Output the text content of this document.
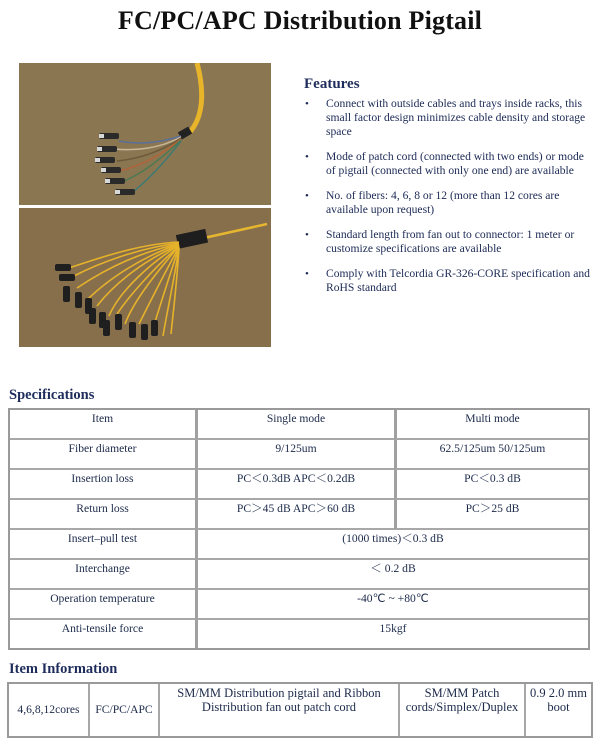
FC/PC/APC Distribution Pigtail
Features
• Connect with outside cables and trays inside racks, this small factor design minimizes cable density and storage space
• Mode of patch cord (connected with two ends) or mode of pigtail (connected with only one end) are available
• No. of fibers: 4, 6, 8 or 12 (more than 12 cores are available upon request)
• Standard length from fan out to connector: 1 meter or customize specifications are available
• Comply with Telcordia GR-326-CORE specification and RoHS standard
Specifications
Item	Single mode	Multi mode
Fiber diameter	9/125um	62.5/125um 50/125um
Insertion loss	PC＜0.3dB APC＜0.2dB	PC＜0.3 dB
Return loss	PC＞45 dB APC＞60 dB	PC＞25 dB
Insert–pull test	(1000 times)＜0.3 dB	
Interchange	＜ 0.2 dB	
Operation temperature	-40℃ ~ +80℃	
Anti-tensile force	15kgf	
Item Information
4,6,8,12cores	FC/PC/APC	SM/MM Distribution pigtail and Ribbon Distribution fan out patch cord	SM/MM Patch cords/Simplex/Duplex	0.9 2.0 mm boot
